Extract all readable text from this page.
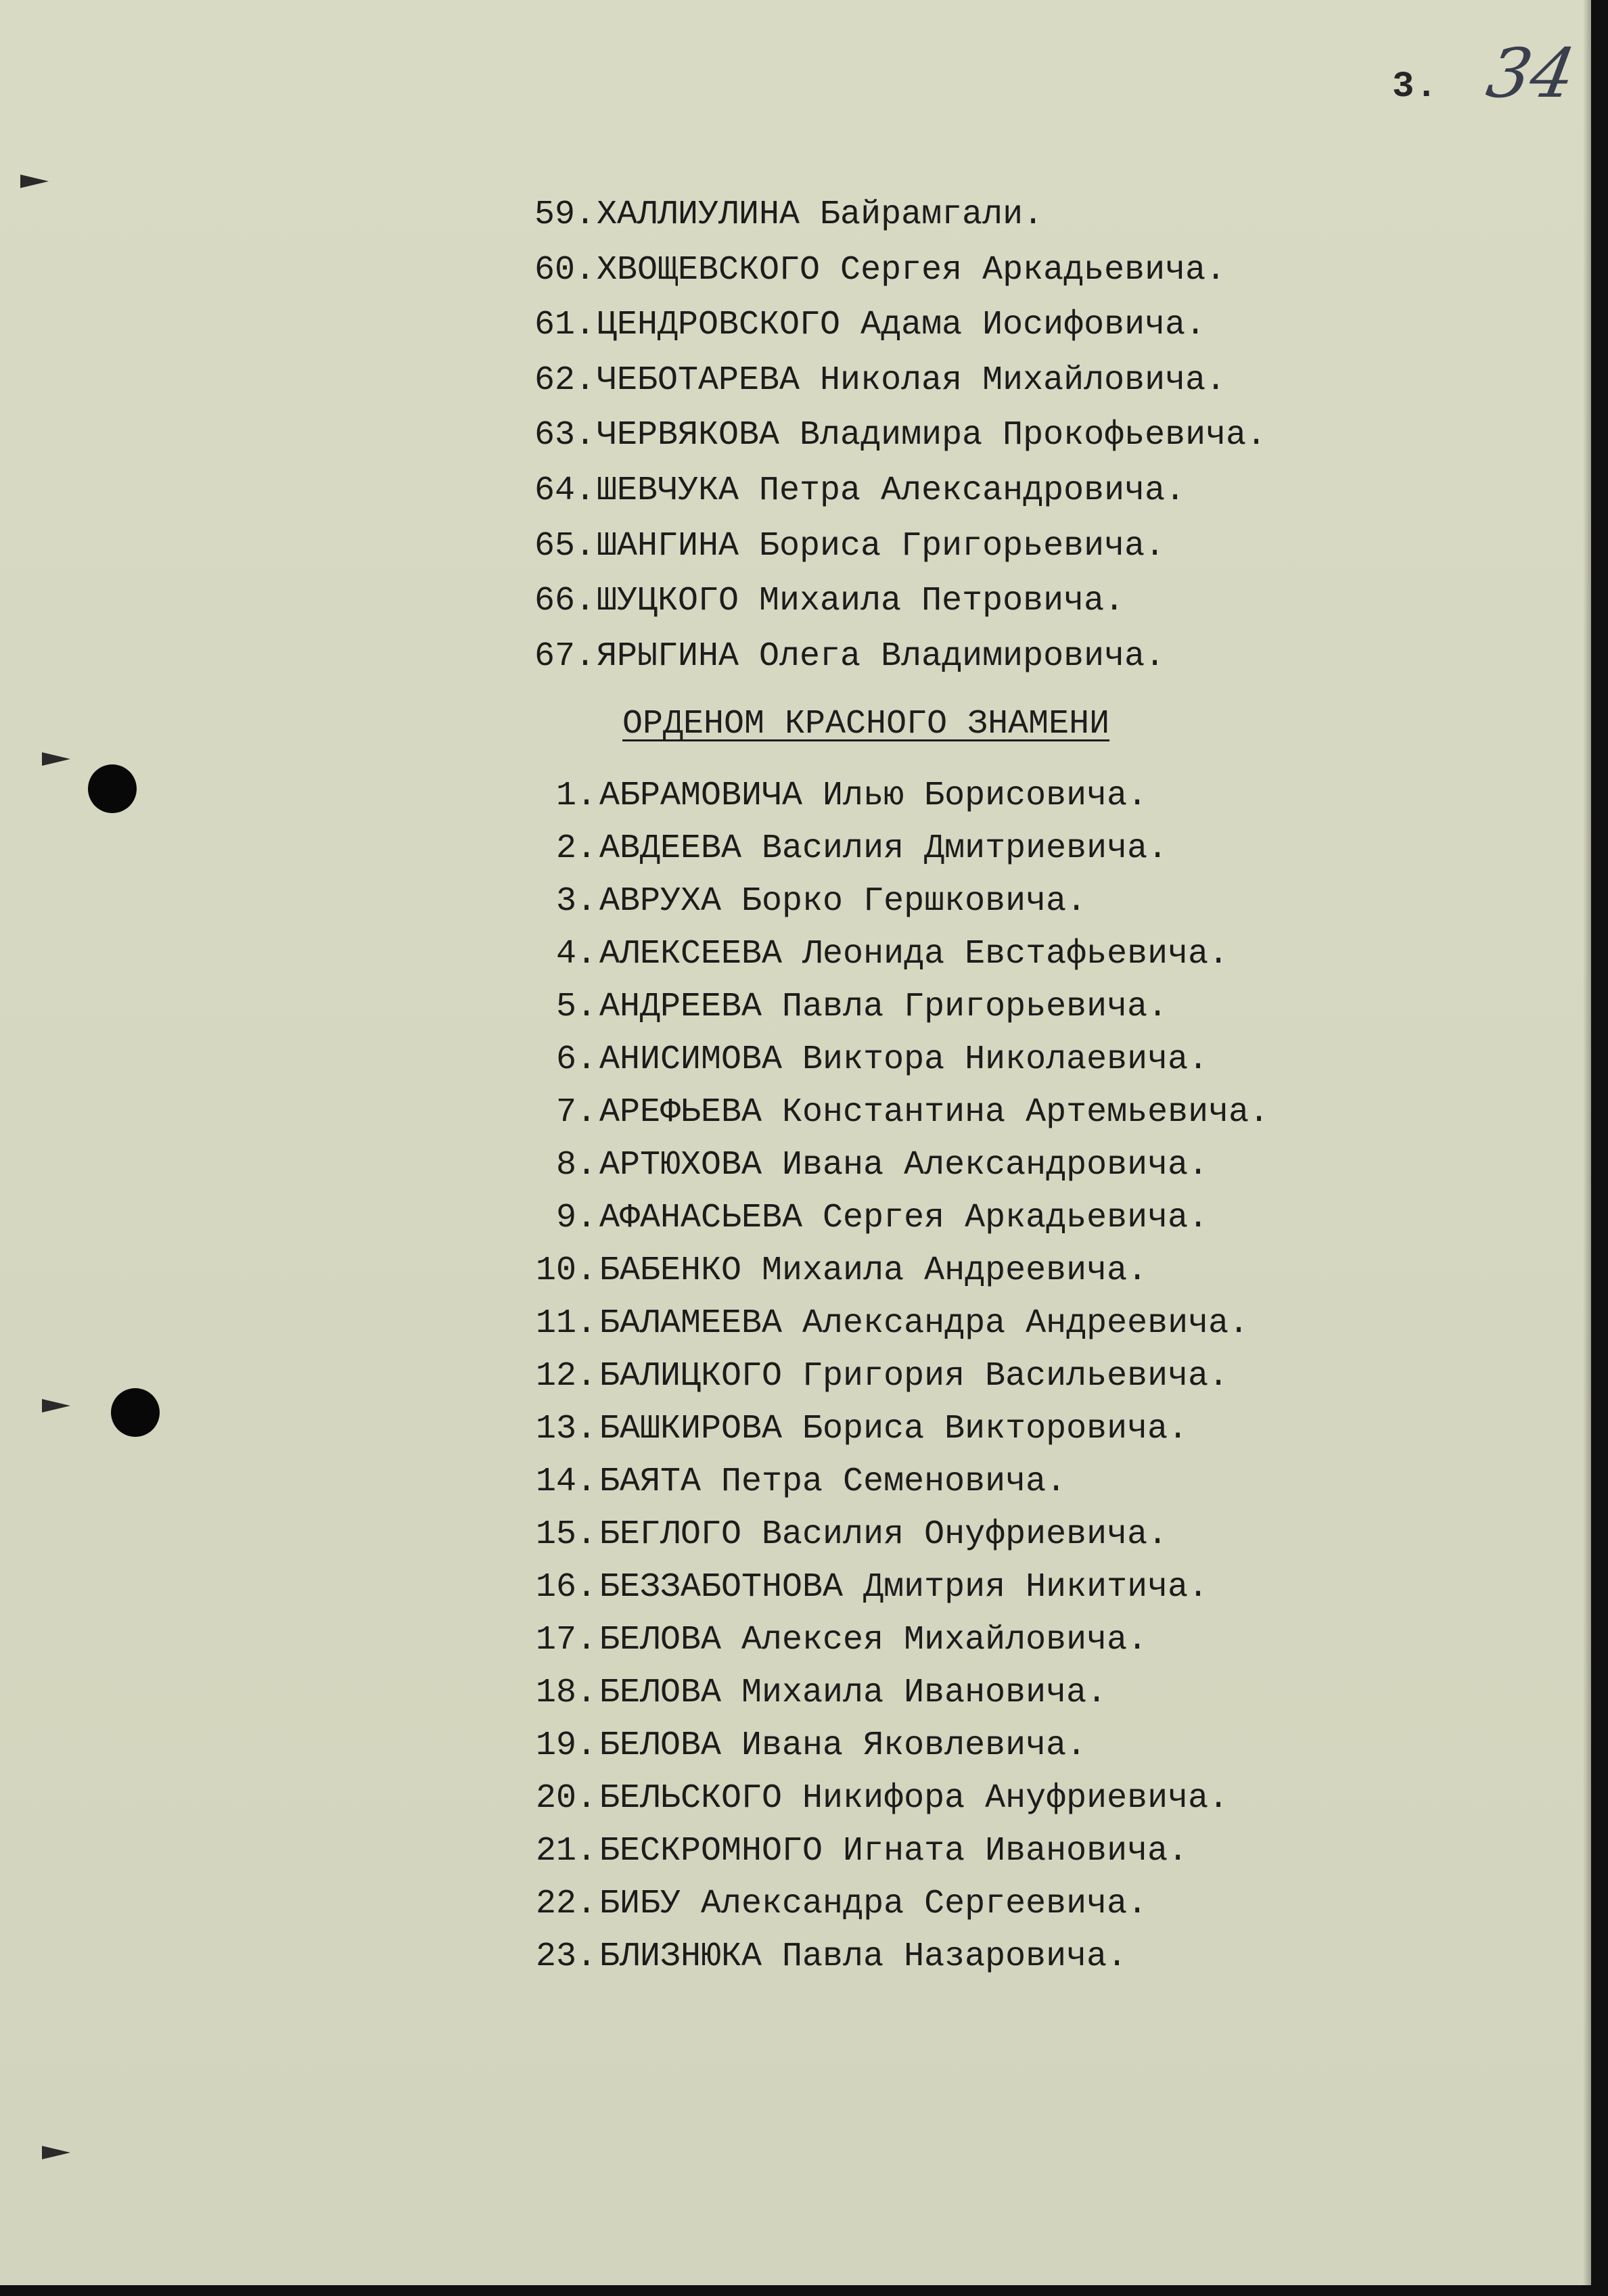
3. 34
59. ХАЛЛИУЛИНА Байрамгали.
60. ХВОЩЕВСКОГО Сергея Аркадьевича.
61. ЦЕНДРОВСКОГО Адама Иосифовича.
62. ЧЕБОТАРЕВА Николая Михайловича.
63. ЧЕРВЯКОВА Владимира Прокофьевича.
64. ШЕВЧУКА Петра Александровича.
65. ШАНГИНА Бориса Григорьевича.
66. ШУЦКОГО Михаила Петровича.
67. ЯРЫГИНА Олега Владимировича.
ОРДЕНОМ КРАСНОГО ЗНАМЕНИ
1. АБРАМОВИЧА Илью Борисовича.
2. АВДЕЕВА Василия Дмитриевича.
3. АВРУХА Борко Гершковича.
4. АЛЕКСЕЕВА Леонида Евстафьевича.
5. АНДРЕЕВА Павла Григорьевича.
6. АНИСИМОВА Виктора Николаевича.
7. АРЕФЬЕВА Константина Артемьевича.
8. АРТЮХОВА Ивана Александровича.
9. АФАНАСЬЕВА Сергея Аркадьевича.
10. БАБЕНКО Михаила Андреевича.
11. БАЛАМЕЕВА Александра Андреевича.
12. БАЛИЦКОГО Григория Васильевича.
13. БАШКИРОВА Бориса Викторовича.
14. БАЯТА Петра Семеновича.
15. БЕГЛОГО Василия Онуфриевича.
16. БЕЗЗАБОТНОВА Дмитрия Никитича.
17. БЕЛОВА Алексея Михайловича.
18. БЕЛОВА Михаила Ивановича.
19. БЕЛОВА Ивана Яковлевича.
20. БЕЛЬСКОГО Никифора Ануфриевича.
21. БЕСКРОМНОГО Игната Ивановича.
22. БИБУ Александра Сергеевича.
23. БЛИЗНЮКА Павла Назаровича.
